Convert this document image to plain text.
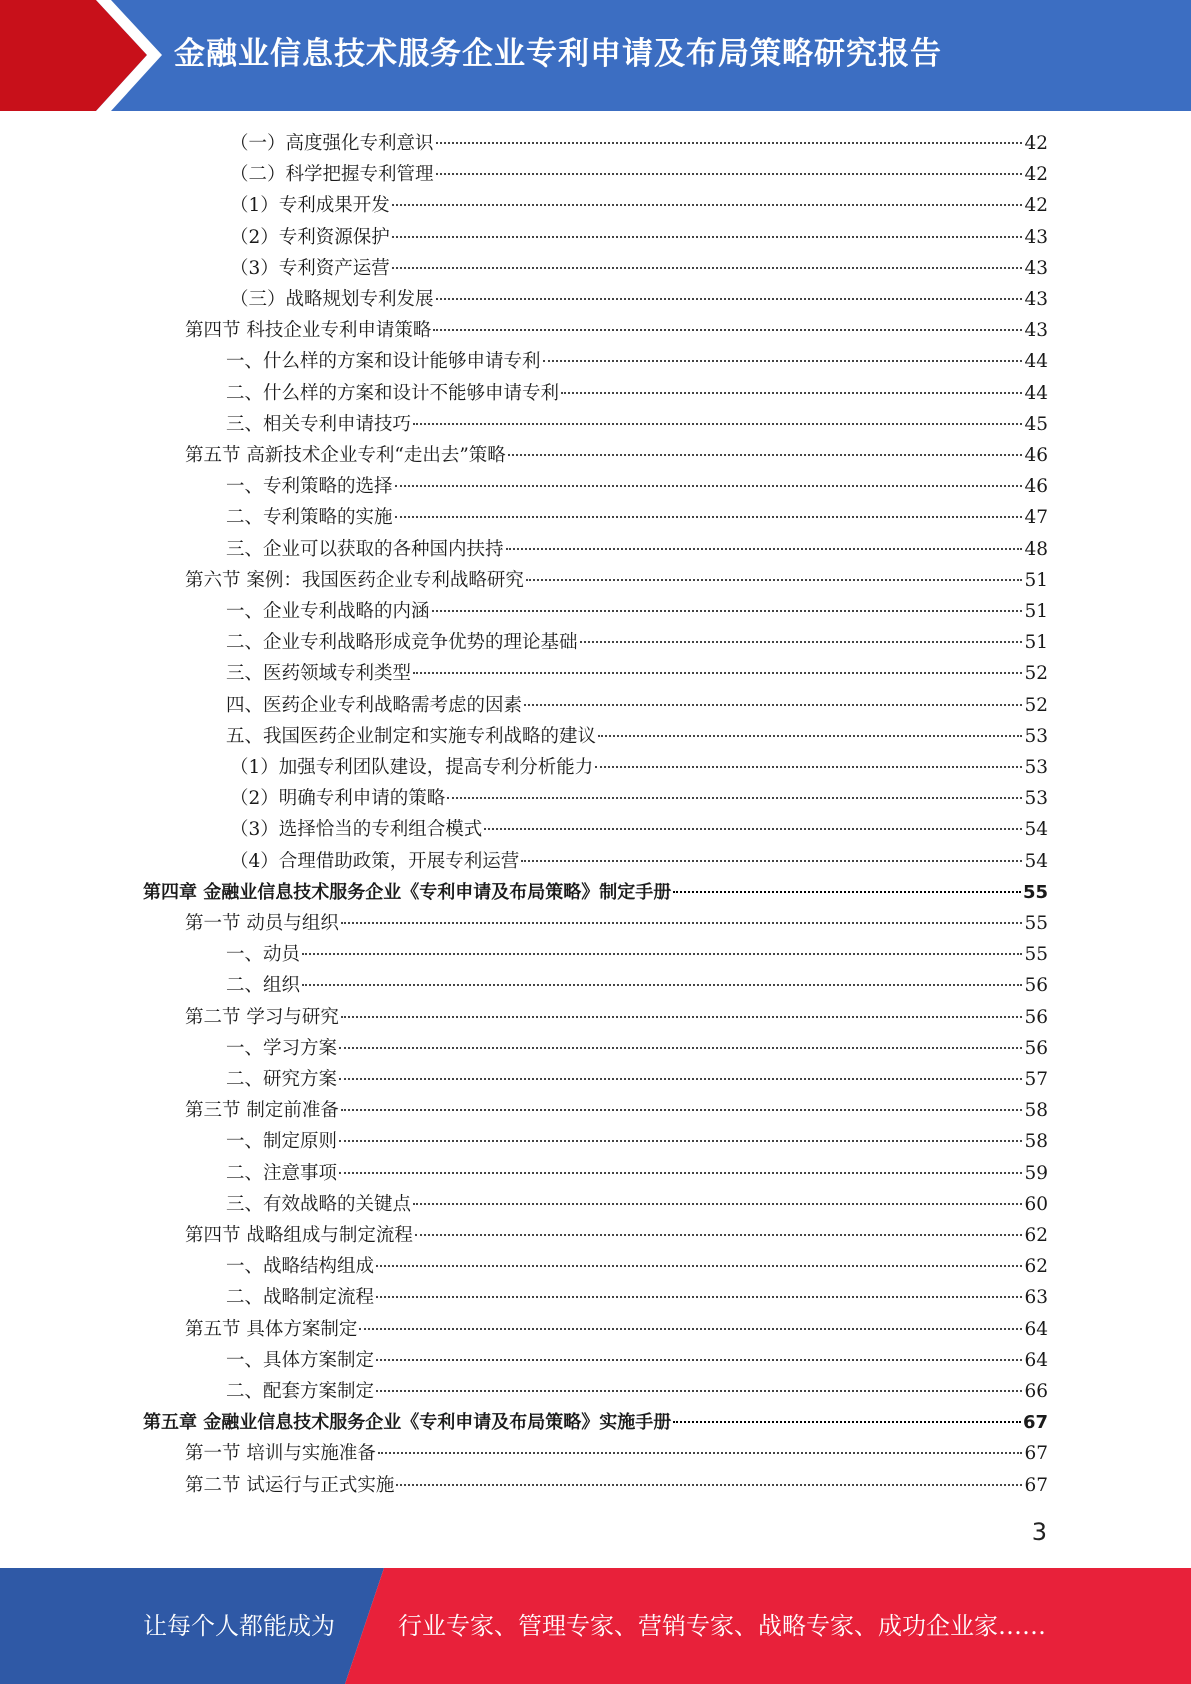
金融业信息技术服务企业专利申请及布局策略研究报告
（一）高度强化专利意识	42
（二）科学把握专利管理	42
（1）专利成果开发	42
（2）专利资源保护	43
（3）专利资产运营	43
（三）战略规划专利发展	43
第四节 科技企业专利申请策略	43
一、什么样的方案和设计能够申请专利	44
二、什么样的方案和设计不能够申请专利	44
三、相关专利申请技巧	45
第五节 高新技术企业专利“走出去”策略	46
一、专利策略的选择	46
二、专利策略的实施	47
三、企业可以获取的各种国内扶持	48
第六节 案例：我国医药企业专利战略研究	51
一、企业专利战略的内涵	51
二、企业专利战略形成竞争优势的理论基础	51
三、医药领域专利类型	52
四、医药企业专利战略需考虑的因素	52
五、我国医药企业制定和实施专利战略的建议	53
（1）加强专利团队建设，提高专利分析能力	53
（2）明确专利申请的策略	53
（3）选择恰当的专利组合模式	54
（4）合理借助政策，开展专利运营	54
第四章 金融业信息技术服务企业《专利申请及布局策略》制定手册	55
第一节 动员与组织	55
一、动员	55
二、组织	56
第二节 学习与研究	56
一、学习方案	56
二、研究方案	57
第三节 制定前准备	58
一、制定原则	58
二、注意事项	59
三、有效战略的关键点	60
第四节 战略组成与制定流程	62
一、战略结构组成	62
二、战略制定流程	63
第五节 具体方案制定	64
一、具体方案制定	64
二、配套方案制定	66
第五章 金融业信息技术服务企业《专利申请及布局策略》实施手册	67
第一节 培训与实施准备	67
第二节 试运行与正式实施	67
3
让每个人都能成为	行业专家、管理专家、营销专家、战略专家、成功企业家……
